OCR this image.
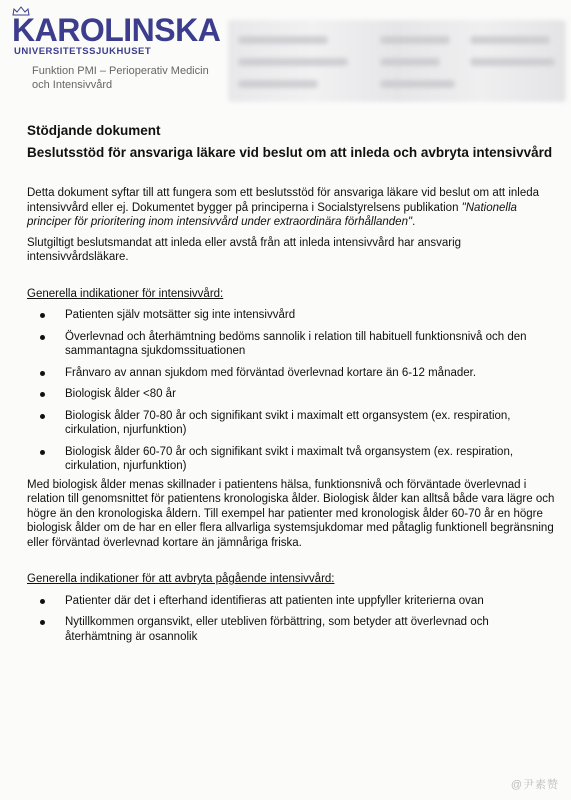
KAROLINSKA
UNIVERSITETSSJUKHUSET
Funktion PMI – Perioperativ Medicin
och Intensivvård

Stödjande dokument

Beslutsstöd för ansvariga läkare vid beslut om att inleda och avbryta intensivvård

Detta dokument syftar till att fungera som ett beslutsstöd för ansvariga läkare vid beslut om att inleda intensivvård eller ej. Dokumentet bygger på principerna i Socialstyrelsens publikation "Nationella principer för prioritering inom intensivvård under extraordinära förhållanden".

Slutgiltigt beslutsmandat att inleda eller avstå från att inleda intensivvård har ansvarig intensivvårdsläkare.

Generella indikationer för intensivvård:

Patienten själv motsätter sig inte intensivvård
Överlevnad och återhämtning bedöms sannolik i relation till habituell funktionsnivå och den sammantagna sjukdomssituationen
Frånvaro av annan sjukdom med förväntad överlevnad kortare än 6-12 månader.
Biologisk ålder <80 år
Biologisk ålder 70-80 år och signifikant svikt i maximalt ett organsystem (ex. respiration, cirkulation, njurfunktion)
Biologisk ålder 60-70 år och signifikant svikt i maximalt två organsystem (ex. respiration, cirkulation, njurfunktion)

Med biologisk ålder menas skillnader i patientens hälsa, funktionsnivå och förväntade överlevnad i relation till genomsnittet för patientens kronologiska ålder. Biologisk ålder kan alltså både vara lägre och högre än den kronologiska åldern. Till exempel har patienter med kronologisk ålder 60-70 år en högre biologisk ålder om de har en eller flera allvarliga systemsjukdomar med påtaglig funktionell begränsning eller förväntad överlevnad kortare än jämnåriga friska.

Generella indikationer för att avbryta pågående intensivvård:

Patienter där det i efterhand identifieras att patienten inte uppfyller kriterierna ovan
Nytillkommen organsvikt, eller utebliven förbättring, som betyder att överlevnad och återhämtning är osannolik
@尹素赞
